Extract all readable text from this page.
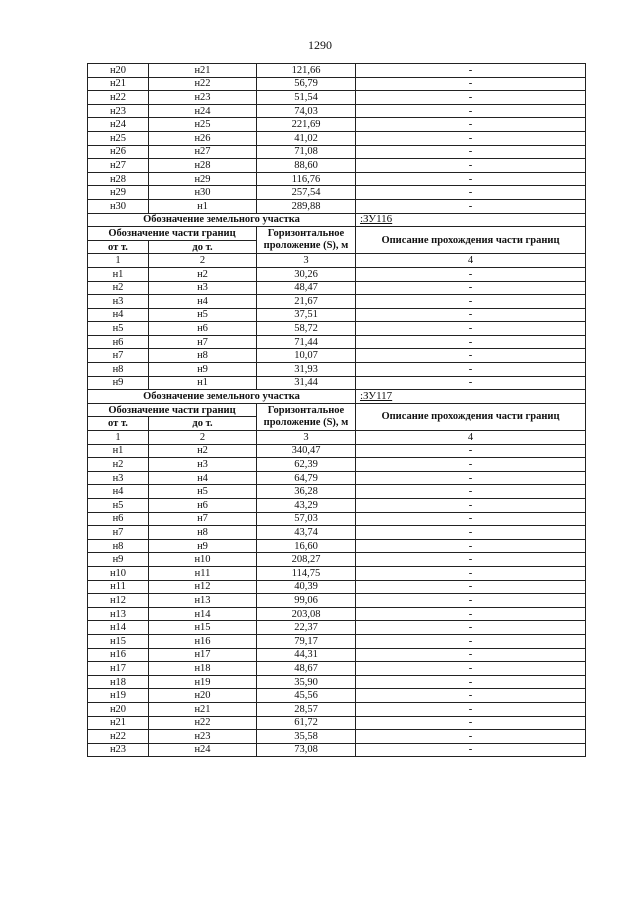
1290
н20	н21	121,66	-
н21	н22	56,79	-
н22	н23	51,54	-
н23	н24	74,03	-
н24	н25	221,69	-
н25	н26	41,02	-
н26	н27	71,08	-
н27	н28	88,60	-
н28	н29	116,76	-
н29	н30	257,54	-
н30	н1	289,88	-
Обозначение земельного участка			:ЗУ116
Обозначение части границ		Горизонтальное проложение (S), м	Описание прохождения части границ
от т.	до т.		
1	2	3	4
н1	н2	30,26	-
н2	н3	48,47	-
н3	н4	21,67	-
н4	н5	37,51	-
н5	н6	58,72	-
н6	н7	71,44	-
н7	н8	10,07	-
н8	н9	31,93	-
н9	н1	31,44	-
Обозначение земельного участка			:ЗУ117
Обозначение части границ		Горизонтальное проложение (S), м	Описание прохождения части границ
от т.	до т.		
1	2	3	4
н1	н2	340,47	-
н2	н3	62,39	-
н3	н4	64,79	-
н4	н5	36,28	-
н5	н6	43,29	-
н6	н7	57,03	-
н7	н8	43,74	-
н8	н9	16,60	-
н9	н10	208,27	-
н10	н11	114,75	-
н11	н12	40,39	-
н12	н13	99,06	-
н13	н14	203,08	-
н14	н15	22,37	-
н15	н16	79,17	-
н16	н17	44,31	-
н17	н18	48,67	-
н18	н19	35,90	-
н19	н20	45,56	-
н20	н21	28,57	-
н21	н22	61,72	-
н22	н23	35,58	-
н23	н24	73,08	-
